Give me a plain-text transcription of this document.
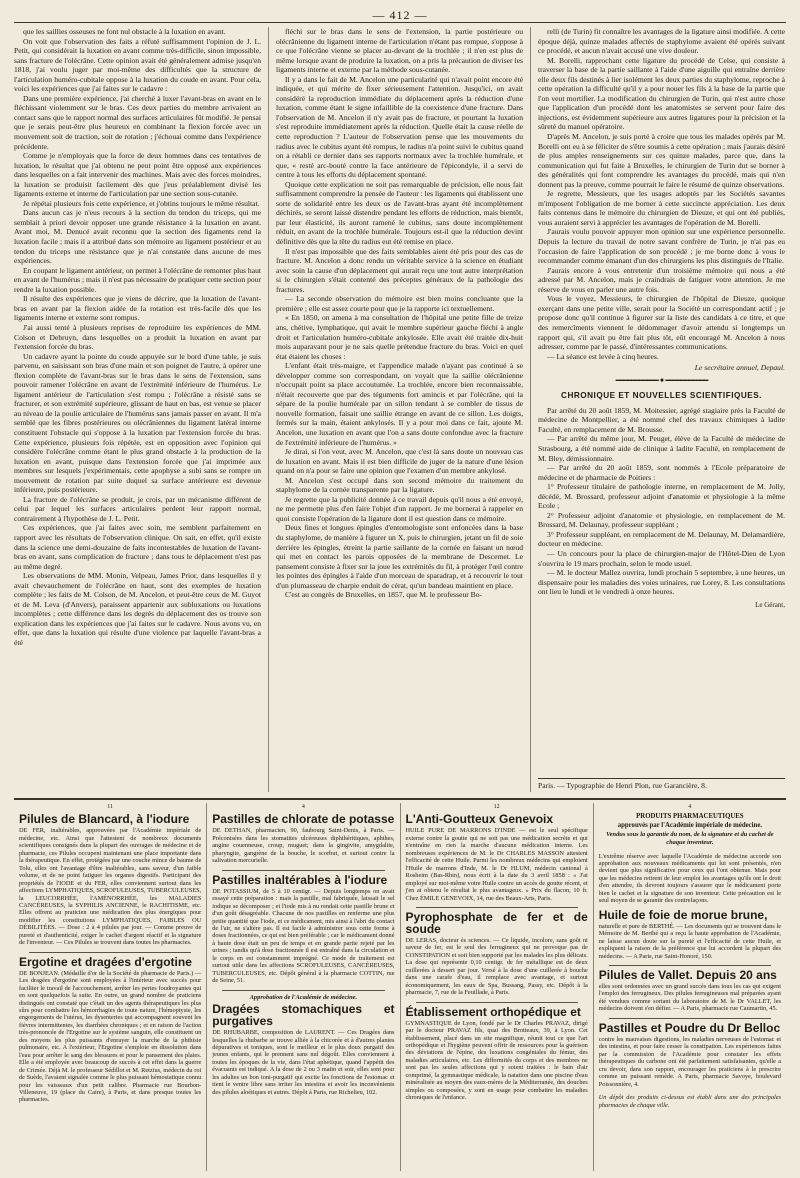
— 412 —

que les saillies osseuses ne font nul obstacle à la luxation en avant.

On voit que l'observation des faits a réfuté suffisamment l'opinion de J. L. Petit, qui considérait la luxation en avant comme très-difficile, sinon impossible, sans fracture de l'olécrâne. Cette opinion avait été généralement admise jusqu'en 1818, j'ai voulu juger par moi-même des difficultés que la structure de l'articulation huméro-cubitale oppose à la luxation du coude en avant. Pour cela, voici les expériences que j'ai faites sur le cadavre :

Dans une première expérience, j'ai cherché à luxer l'avant-bras en avant en le fléchissant violemment sur le bras. Ces deux parties du membre arrivaient au contact sans que le rapport normal des surfaces articulaires fût modifié. Je pensai que je serais peut-être plus heureux en combinant la flexion forcée avec un mouvement soit de traction, soit de rotation ; j'échouai comme dans l'expérience précédente.

Comme je n'employais que la force de deux hommes dans ces tentatives de luxation, le résultat que j'ai obtenu ne peut point être opposé aux expériences dans lesquelles on a fait intervenir des machines. Mais avec des forces moindres, la luxation se produisit facilement dès que j'eus préalablement divisé les ligaments externe et interne de l'articulation par une section sous-cutanée.

Je répétai plusieurs fois cette expérience, et j'obtins toujours le même résultat.

Dans aucun cas je n'eus recours à la section du tendon du triceps, qui me semblait à priori devoir opposer une grande résistance à la luxation en avant. Avant moi, M. Denucé avait reconnu que la section des ligaments rend la luxation facile ; mais il a attribué dans son mémoire au ligament postérieur et au tendon du triceps une résistance que je n'ai constatée dans aucune de mes expériences.

En coupant le ligament antérieur, on permet à l'olécrâne de remonter plus haut en avant de l'humérus ; mais il n'est pas nécessaire de pratiquer cette section pour rendre la luxation possible.

Il résulte des expériences que je viens de décrire, que la luxation de l'avant-bras en avant par la flexion aidée de la rotation est très-facile dès que les ligaments interne et externe sont rompus.

J'ai aussi tenté à plusieurs reprises de reproduire les expériences de MM. Colson et Debruyn, dans lesquelles on a produit la luxation en avant par l'extension forcée du bras.

Un cadavre ayant la pointe du coude appuyée sur le bord d'une table, je suis parvenu, en saisissant son bras d'une main et son poignet de l'autre, à opérer une flexion complète de l'avant-bras sur le bras dans le sens de l'extension, sans pouvoir ramener l'olécrâne en avant de l'extrémité inférieure de l'humérus. Le ligament antérieur de l'articulation s'est rompu ; l'olécrâne a résisté sans se fracturer, et son extrémité supérieure, glissant de haut en bas, est venue se placer au niveau de la poulie articulaire de l'humérus sans jamais passer en avant. Il m'a semblé que les fibres postérieures ou olécrâniennes du ligament latéral interne constituent l'obstacle qui s'oppose à la luxation par l'extension forcée du bras. Cette expérience, plusieurs fois répétée, est en opposition avec l'opinion qui considère l'olécrâne comme étant le plus grand obstacle à la production de la luxation en avant, puisque dans l'extension forcée que j'ai imprimée aux membres sur lesquels j'expérimentais, cette apophyse a subi sans se rompre un mouvement de rotation par suite duquel sa surface antérieure est devenue inférieure, puis postérieure.

La fracture de l'olécrâne se produit, je crois, par un mécanisme différent de celui par lequel les surfaces articulaires perdent leur rapport normal, contrairement à l'hypothèse de J. L. Petit.

Ces expériences, que j'ai faites avec soin, me semblent parfaitement en rapport avec les résultats de l'observation clinique. On sait, en effet, qu'il existe dans la science une demi-douzaine de faits incontestables de luxation de l'avant-bras en avant, sans complication de fracture ; dans tous le déplacement n'est pas au même degré.

Les observations de MM. Monin, Velpeau, James Prior, dans lesquelles il y avait chevauchement de l'olécrâne en haut, sont des exemples de luxation complète ; les faits de M. Colson, de M. Ancelon, et peut-être ceux de M. Guyot et de M. Leva (d'Anvers), paraissent appartenir aux subluxations ou luxations incomplètes ; cette différence dans les degrés du déplacement des os trouve son explication dans les expériences que j'ai faites sur le cadavre. Nous avons vu, en effet, que dans la luxation qui résulte d'une violence par laquelle l'avant-bras a été

fléchi sur le bras dans le sens de l'extension, la partie postérieure ou olécrânienne du ligament interne de l'articulation n'étant pas rompue, s'oppose à ce que l'olécrâne vienne se placer au-devant de la trochlée ; il n'en est plus de même lorsque avant de produire la luxation, on a pris la précaution de diviser les ligaments interne et externe par la méthode sous-cutanée.

Il y a dans le fait de M. Ancelon une particularité qui n'avait point encore été indiquée, et qui mérite de fixer sérieusement l'attention. Jusqu'ici, on avait considéré la reproduction immédiate du déplacement après la réduction d'une luxation, comme étant le signe infaillible de la coexistence d'une fracture. Dans l'observation de M. Ancelon il n'y avait pas de fracture, et pourtant la luxation s'est reproduite immédiatement après la réduction. Quelle était la cause réelle de cette reproduction ? L'auteur de l'observation pense que les mouvements du radius avec le cubitus ayant été rompus, le radius n'a point suivi le cubitus quand on a rétabli ce dernier dans ses rapports normaux avec la trochlée humérale, et que, « resté arc-bouté contre la face antérieure de l'épicondyle, il a servi de centre à tous les efforts du déplacement spontané.

Quoique cette explication ne soit pas remarquable de précision, elle nous fait suffisamment comprendre la pensée de l'auteur : les ligaments qui établissent une sorte de solidarité entre les deux os de l'avant-bras ayant été incomplètement déchirés, se seront laissé distendre pendant les efforts de réduction, mais bientôt, par leur élasticité, ils auront ramené le cubitus, sans doute incomplètement réduit, en avant de la trochlée humérale. Toujours est-il que la réduction devint définitive dès que la tête du radius eut été remise en place.

Il n'est pas impossible que des faits semblables aient été pris pour des cas de fracture. M. Ancelon a donc rendu un véritable service à la science en étudiant avec soin la cause d'un déplacement qui aurait reçu une tout autre interprétation si le chirurgien s'était contenté des préceptes généraux de la pathologie des fractures.

— La seconde observation du mémoire est bien moins concluante que la première ; elle est assez courte pour que je la rapporte ici textuellement.

« En 1850, on amena à ma consultation de l'hôpital une petite fille de treize ans, chétive, lymphatique, qui avait le membre supérieur gauche fléchi à angle droit et l'articulation huméro-cubitale ankylosée. Elle avait été traitée dix-huit mois auparavant pour je ne sais quelle prétendue fracture du bras. Voici en quel état étaient les choses :

L'enfant était très-maigre, et l'appendice malade n'ayant pas continué à se développer comme son correspondant, on voyait que la saillie olécrânienne n'occupait point sa place accoutumée. La trochlée, encore bien reconnaissable, n'était recouverte que par des téguments fort amincis et par l'olécrâne, qui la sépare de la poulie humérale par un sillon tendant à se combler de tissus de nouvelle formation, faisait une saillie étrange en avant de ce sillon. Les doigts, fermés sur la main, étaient ankylosés. Il y a pour moi dans ce fait, ajoute M. Ancelon, une luxation en avant que l'on a sans doute confondue avec la fracture de l'extrémité inférieure de l'humérus. »

Je dirai, si l'on veut, avec M. Ancelon, que c'est là sans doute un nouveau cas de luxation en avant. Mais il est bien difficile de juger de la nature d'une lésion quand on n'a pour se faire une opinion que l'examen d'un membre ankylosé.

M. Ancelon s'est occupé dans son second mémoire du traitement du staphylome de la cornée transparente par la ligature.

Je regrette que la publicité donnée à ce travail depuis qu'il nous a été envoyé, ne me permette plus d'en faire l'objet d'un rapport. Je me bornerai à rappeler en quoi consiste l'opération de la ligature dont il est question dans ce mémoire.

Deux fines et longues épingles d'entomologiste sont enfoncées dans la base du staphylome, de manière à figurer un X, puis le chirurgien, jetant un fil de soie derrière les épingles, étreint la partie saillante de la cornée en faisant un nœud qui met en contact les parois opposées de la membrane de Descemet. Le pansement consiste à fixer sur la joue les extrémités du fil, à protéger l'œil contre les pointes des épingles à l'aide d'un morceau de sparadrap, et à recouvrir le tout d'un plumasseau de charpie enduit de cérat, qu'un bandeau maintient en place.

C'est au congrès de Bruxelles, en 1857, que M. le professeur Bo-

relli (de Turin) fit connaître les avantages de la ligature ainsi modifiée. A cette époque déjà, quinze malades affectés de staphylome avaient été opérés suivant ce procédé, et aucun n'avait accusé une vive douleur.

M. Borelli, rapprochant cette ligature du procédé de Celse, qui consiste à traverser la base de la partie saillante à l'aide d'une aiguille qui entraîne derrière elle deux fils destinés à lier isolément les deux parties du staphylome, reproche à cette opération la difficulté qu'il y a pour nouer les fils à la base de la partie que l'on veut mortifier. La modification du chirurgien de Turin, qui n'est autre chose que l'application d'un procédé dont les anatomistes se servent pour faire des injections, est évidemment supérieure aux autres ligatures pour la précision et la sûreté du manuel opératoire.

D'après M. Ancelon, je suis porté à croire que tous les malades opérés par M. Borelli ont eu à se féliciter de s'être soumis à cette opération ; mais j'aurais désiré de plus amples renseignements sur ces quinze malades, parce que, dans la communication qui fut faite à Bruxelles, le chirurgien de Turin dut se borner à des généralités qui font comprendre les avantages du procédé, mais qui n'en donnent pas la preuve, comme pourrait le faire le résumé de quinze observations.

Je regrette, Messieurs, que les usages adoptés par les Sociétés savantes m'imposent l'obligation de me borner à cette succincte appréciation. Les deux faits contenus dans le mémoire du chirurgien de Dieuze, et qui ont été publiés, vous auraient servi à apprécier les avantages de l'opération de M. Borelli.

J'aurais voulu pouvoir appuyer mon opinion sur une expérience personnelle. Depuis la lecture du travail de notre savant confrère de Turin, je n'ai pas eu l'occasion de faire l'application de son procédé ; je me borne donc à vous le recommander comme émanant d'un des chirurgiens les plus distingués de l'Italie.

J'aurais encore à vous entretenir d'un troisième mémoire qui nous a été adressé par M. Ancelon, mais je craindrais de fatiguer votre attention. Je me réserve de vous en parler une autre fois.

Vous le voyez, Messieurs, le chirurgien de l'hôpital de Dieuze, quoique exerçant dans une petite ville, serait pour la Société un correspondant actif ; je propose donc qu'il continue à figurer sur la liste des candidats à ce titre, et que des remercîments viennent le dédommager d'avoir attendu si longtemps un rapport qui, s'il avait pu être fait plus tôt, eût encouragé M. Ancelon à nous adresser, comme par le passé, d'intéressantes communications.

— La séance est levée à cinq heures.

Le secrétaire annuel, Depaul.
━━━━━━━━━━━ ✦ ━━━━━━━━━━━
CHRONIQUE ET NOUVELLES SCIENTIFIQUES.

Par arrêté du 20 août 1859, M. Moitessier, agrégé stagiaire près la Faculté de médecine de Montpellier, a été nommé chef des travaux chimiques à ladite Faculté, en remplacement de M. Brousse.

— Par arrêté du même jour, M. Peuget, élève de la Faculté de médecine de Strasbourg, a été nommé aide de clinique à ladite Faculté, en remplacement de M. Bley, démissionnaire.

— Par arrêté du 20 août 1859, sont nommés à l'Ecole préparatoire de médecine et de pharmacie de Poitiers :

1° Professeur titulaire de pathologie interne, en remplacement de M. Jolly, décédé, M. Brossard, professeur adjoint d'anatomie et physiologie à la même Ecole ;

2° Professeur adjoint d'anatomie et physiologie, en remplacement de M. Brossard, M. Delaunay, professeur suppléant ;

3° Professeur suppléant, en remplacement de M. Delaunay, M. Delamardière, docteur en médecine.

— Un concours pour la place de chirurgien-major de l'Hôtel-Dieu de Lyon s'ouvrira le 19 mars prochain, selon le mode usuel.

— M. le docteur Mallez ouvrira, lundi prochain 5 septembre, à une heures, un dispensaire pour les maladies des voies urinaires, rue Lorey, 8. Les consultations ont lieu le lundi et le vendredi à onze heures.

Le Gérant,
Paris. — Typographie de Henri Plon, rue Garancière, 8.
11
Pilules de Blancard, à l'iodure

DE FER, inaltérables, approuvées par l'Académie impériale de médecine, etc. Ainsi que l'attestent de nombreux documents scientifiques consignés dans la plupart des ouvrages de médecine et de pharmacie, ces Pilules occupent maintenant une place importante dans la thérapeutique. En effet, protégées par une couche mince de baume de Tolu, elles ont l'avantage d'être inaltérables, sans saveur, d'un faible volume, et de ne point fatiguer les organes digestifs. Participant des propriétés de l'IODE et du FER, elles conviennent surtout dans les affections LYMPHATIQUES, SCROFULEUSES, TUBERCULEUSES, la LEUCORRHÉE, l'AMÉNORRHÉE, les MALADIES CANCÉREUSES, la SYPHILIS ANCIENNE, le RACHITISME, etc. Elles offrent au praticien une médication des plus énergiques pour modifier les constitutions LYMPHATIQUES, FAIBLES OU DÉBILITÉES. — Dose : 2 à 4 pilules par jour. — Comme preuve de pureté et d'authenticité, exiger le cachet d'argent réactif et la signature de l'inventeur. — Ces Pilules se trouvent dans toutes les pharmacies.

Ergotine et dragées d'ergotine

DE BONJEAN. (Médaille d'or de la Société de pharmacie de Paris.) — Les dragées d'ergotine sont employées à l'intérieur avec succès pour faciliter le travail de l'accouchement, arrêter les pertes foudroyantes qui en sont quelquefois la suite. En outre, un grand nombre de praticiens distingués ont constaté que c'était un des agents thérapeutiques les plus sûrs pour combattre les hémorrhagies de toute nature, l'hémoptysie, les engorgements de l'utérus, les dysenteries qui accompagnent souvent les fièvres intermittentes, les diarrhées chroniques ; et en raison de l'action très-prononcée de l'Ergotine sur le système sanguin, elle constituent un des moyens les plus puissants d'enrayer la marche de la phthisie pulmonaire, etc. A l'extérieur, l'Ergotine s'emploie en dissolution dans l'eau pour arrêter le sang des blessures et pour le pansement des plaies. Elle a été employée avec beaucoup de succès à cet effet dans la guerre de Crimée. Déjà M. le professeur Sédillot et M. Retzius, médecin du roi de Suède, l'avaient signalée comme le plus puissant hémostatique connu pour les vaisseaux d'un petit calibre. Pharmacie rue Bourbon-Villeneuve, 19 (place du Caire), à Paris, et dans presque toutes les pharmacies.

4
Pastilles de chlorate de potasse

DE DETHAN, pharmacien, 90, faubourg Saint-Denis, à Paris. — Préconisées dans les stomatites ulcéreuses diphthéritiques, aphthes, angine couenneuse, croup, muguet; dans la gingivite, amygdalite, pharyngite, gangrène de la bouche, le scorbut, et surtout contre la salivation mercurielle.

Pastilles inaltérables à l'iodure

DE POTASSIUM, de 5 à 10 centigr. — Depuis longtemps on avait essayé cette préparation : mais la pastille, mal fabriquée, laissait le sel iodique se décomposer ; et l'iode mis à nu rendait cette pastille brune et d'un goût désagréable. Chacune de nos pastilles en renferme une plus petite quantité que l'iode, et ce médicament, mis ainsi à l'abri du contact de l'air, ne s'altère pas. Il est facile à administrer sous cette forme à doses fractionnées, ce qui est bien préférable ; car le médicament donné à haute dose était un peu de temps et en grande partie rejeté par les urines ; tandis qu'à dose fractionnée il est entraîné dans la circulation et le corps en est constamment imprégné. Ce mode de traitement est surtout utile dans les affections SCROFULEUSES, CANCÉREUSES, TUBERCULEUSES, etc. Dépôt général à la pharmacie COTTIN, rue de Seine, 51.

Approbation de l'Académie de médecine.
Dragées stomachiques et purgatives

DE RHUBARBE, composition de LAURENT. — Ces Dragées dans lesquelles la rhubarbe se trouve alliée à la chicorée et à d'autres plantes dépuratives et toniques, sont le meilleur et le plus doux purgatif des jeunes enfants, qui le prennent sans nul dégoût. Elles conviennent à toutes les époques de la vie, dans l'état aphétique, quand l'appétit des évacuants est indiqué. A la dose de 2 ou 3 matin et soir, elles sont pour les adultes un bon toni-purgatif qui excite les fonctions de l'estomac et tient le ventre libre sans irriter les intestins et avoir les inconvénients des pilules aloétiques et autres. Dépôt à Paris, rue Richelieu, 102.

12
L'Anti-Goutteux Genevoix

HUILE PURE DE MARRONS D'INDE — est le seul spécifique externe contre la goutte qui ne soit pas une médication secrète et qui n'entraîne en rien la marche d'aucune médication interne. Les nombreuses expériences de M. le Dr CHARLES MASSON attestent l'efficacité de cette Huile. Parmi les nombreux médecins qui emploient l'Huile de marrons d'Inde, M. le Dr HLUM, médecin cantonal à Rosheim (Bas-Rhin), nous écrit à la date du 3 avril 1858 : « J'ai employé sur moi-même votre Huile contre un accès de goutte récent, et j'en ai obtenu le résultat le plus avantageux. » Prix du flacon, 10 fr. Chez ÉMILE GENEVOIX, 14, rue des Beaux-Arts, Paris.

Pyrophosphate de fer et de soude

DE LERAS, docteur ès sciences. — Ce liquide, incolore, sans goût ni saveur de fer, est le seul des ferrugineux qui ne provoque pas de CONSTIPATION et soit bien supporté par les malades les plus délicats. La dose qui représente 0,10 centigr. de fer métallique est de deux cuillerées à dessert par jour. Versé à la dose d'une cuillerée à bouche dans une carafe d'eau, il remplace avec avantage, et surtout économiquement, les eaux de Spa, Bussang, Passy, etc. Dépôt à la pharmacie, 7, rue de la Feuillade, à Paris.

Établissement orthopédique et

GYMNASTIQUE de Lyon, fondé par le Dr Charles PRAVAZ, dirigé par le docteur PRAVAZ fils, quai des Brotteaux, 39, à Lyon. Cet établissement, placé dans un site magnifique, réunit tout ce que l'art orthopédique et l'hygiène peuvent offrir de ressources pour la guérison des déviations de l'épine, des luxations congéniales du fémur, des maladies articulaires, etc. Les difformités du corps et des membres ne sont pas les seules affections qui y soient traitées : le bain d'air comprimé, la gymnastique médicale, la natation dans une piscine d'eau minéralisée au moyen des eaux-mères de la Méditerranée, des douches simples ou composées, y sont en usage pour combattre les maladies chroniques de l'enfance.

4
PRODUITS PHARMACEUTIQUES
approuvés par l'Académie impériale de médecine.
Vendus sous la garantie du nom, de la signature et du cachet de chaque inventeur.

L'extrême réserve avec laquelle l'Académie de médecine accorde son approbation aux nouveaux médicaments qui lui sont présentés, n'en devient que plus significative pour ceux qui l'ont obtenue. Mais pour que les médecins retirent de leur emploi les avantages qu'ils ont le droit d'en attendre, ils devront toujours s'assurer que le médicament porte bien le cachet et la signature de son inventeur. Cette précaution est le seul moyen de se garantir des contrefaçons.

Huile de foie de morue brune,

naturelle et pure de BERTHÉ. — Les documents qui se trouvent dans le Mémoire de M. Berthé qui a reçu la haute approbation de l'Académie, ne laisse aucun doute sur la pureté et l'efficacité de cette Huile, et expliquent la raison de la préférence que lui accordent la plupart des médecins. — A Paris, rue Saint-Honoré, 150.

Pilules de Vallet. Depuis 20 ans

elles sont ordonnées avec un grand succès dans tous les cas qui exigent l'emploi des ferrugineux. Des pilules ferrugineuses mal préparées ayant été vendues comme sortant du laboratoire de M. le Dr VALLET, les médecins doivent s'en défier. — A Paris, pharmacie rue Caumartin, 45.

Pastilles et Poudre du Dr Belloc

contre les mauvaises digestions, les maladies nerveuses de l'estomac et des intestins, et pour faire cesser la constipation. Les expériences faites par la commission de l'Académie pour constater les effets thérapeutiques du carbone ont été parfaitement satisfaisantes, qu'elle a cru devoir, dans son rapport, encourager les praticiens à le prescrire comme un puissant remède. A Paris, pharmacie Savoye, boulevard Poissonnière, 4.

Un dépôt des produits ci-dessus est établi dans une des principales pharmacies de chaque ville.
